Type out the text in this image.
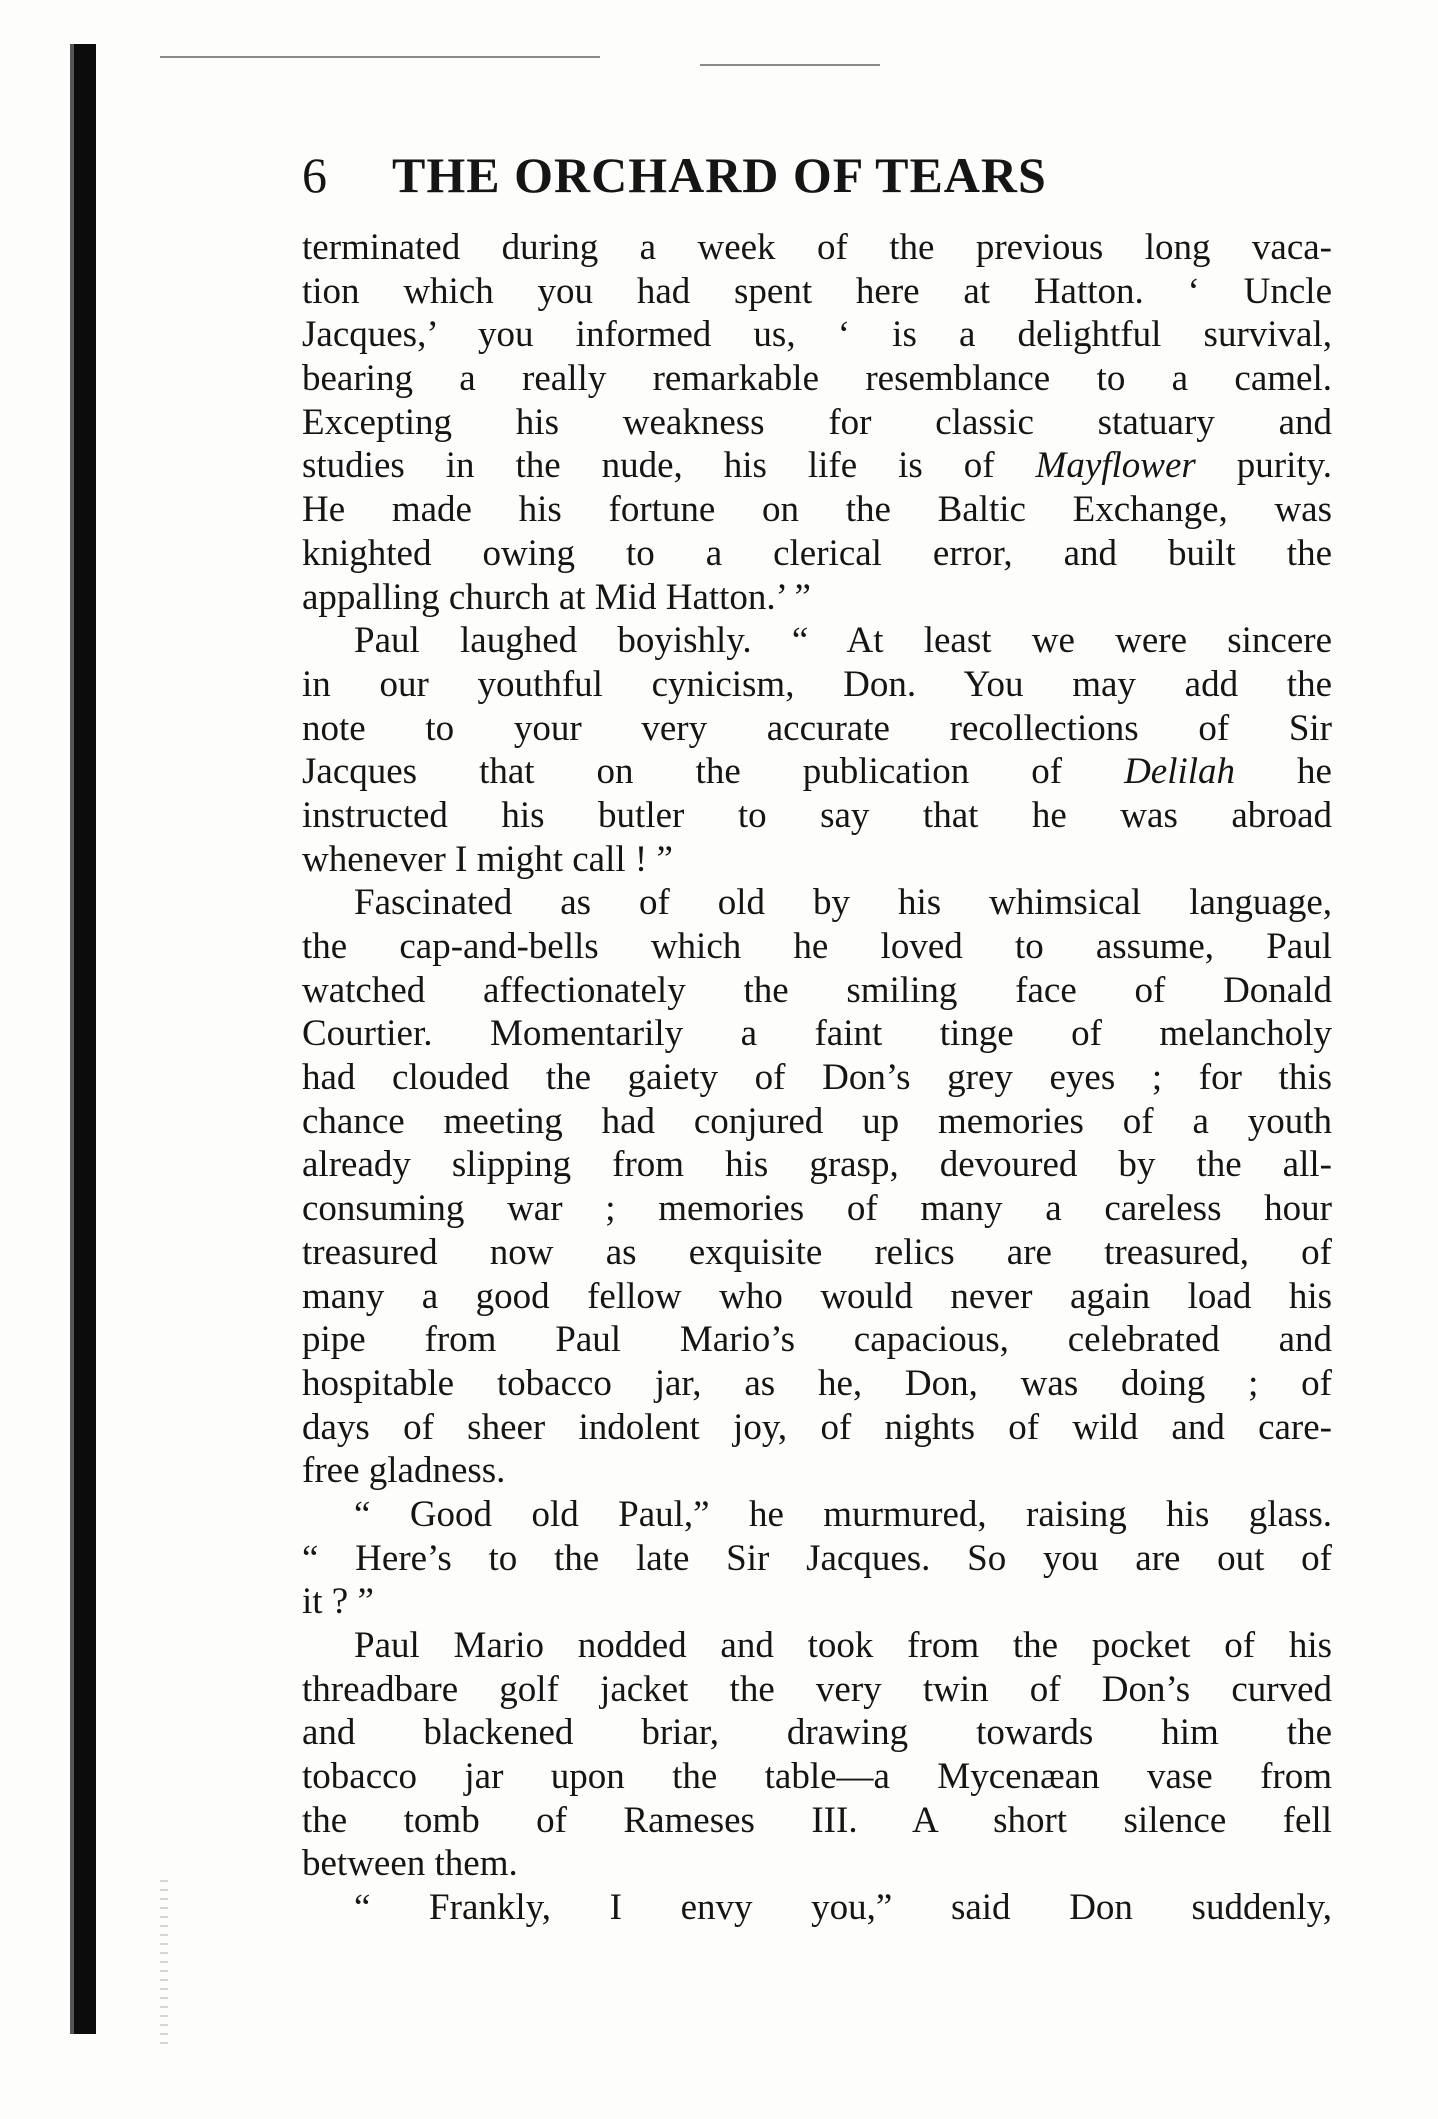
6 THE ORCHARD OF TEARS
terminated during a week of the previous long vaca-
tion which you had spent here at Hatton. ‘ Uncle
Jacques,’ you informed us, ‘ is a delightful survival,
bearing a really remarkable resemblance to a camel.
Excepting his weakness for classic statuary and
studies in the nude, his life is of Mayflower purity.
He made his fortune on the Baltic Exchange, was
knighted owing to a clerical error, and built the
appalling church at Mid Hatton.’ ”
Paul laughed boyishly. “ At least we were sincere
in our youthful cynicism, Don. You may add the
note to your very accurate recollections of Sir
Jacques that on the publication of Delilah he
instructed his butler to say that he was abroad
whenever I might call ! ”
Fascinated as of old by his whimsical language,
the cap-and-bells which he loved to assume, Paul
watched affectionately the smiling face of Donald
Courtier. Momentarily a faint tinge of melancholy
had clouded the gaiety of Don’s grey eyes ; for this
chance meeting had conjured up memories of a youth
already slipping from his grasp, devoured by the all-
consuming war ; memories of many a careless hour
treasured now as exquisite relics are treasured, of
many a good fellow who would never again load his
pipe from Paul Mario’s capacious, celebrated and
hospitable tobacco jar, as he, Don, was doing ; of
days of sheer indolent joy, of nights of wild and care-
free gladness.
“ Good old Paul,” he murmured, raising his glass.
“ Here’s to the late Sir Jacques. So you are out of
it ? ”
Paul Mario nodded and took from the pocket of his
threadbare golf jacket the very twin of Don’s curved
and blackened briar, drawing towards him the
tobacco jar upon the table—a Mycenæan vase from
the tomb of Rameses III. A short silence fell
between them.
“ Frankly, I envy you,” said Don suddenly,
